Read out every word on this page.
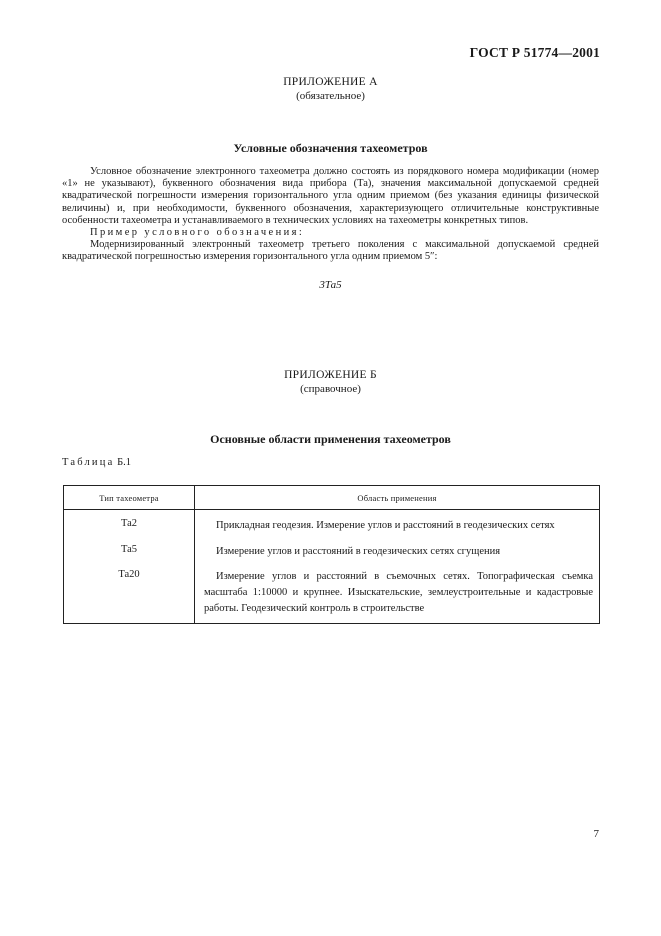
ГОСТ Р 51774—2001
ПРИЛОЖЕНИЕ А
(обязательное)
Условные обозначения тахеометров

Условное обозначение электронного тахеометра должно состоять из порядкового номера модификации (номер «1» не указывают), буквенного обозначения вида прибора (Та), значения максимальной допускаемой средней квадратической погрешности измерения горизонтального угла одним приемом (без указания единицы физической величины) и, при необходимости, буквенного обозначения, характеризующего отличительные конструктивные особенности тахеометра и устанавливаемого в технических условиях на тахеометры конкретных типов.

Пример условного обозначения:

Модернизированный электронный тахеометр третьего поколения с максимальной допускаемой средней квадратической погрешностью измерения горизонтального угла одним приемом 5″:

3Та5
ПРИЛОЖЕНИЕ Б
(справочное)
Основные области применения тахеометров
Таблица Б.1
Тип тахеометра	Область применения
Та2	Прикладная геодезия. Измерение углов и расстояний в геодезических сетях

Та5	Измерение углов и расстояний в геодезических сетях сгущения

Та20	Измерение углов и расстояний в съемочных сетях. Топографическая съемка масштаба 1:10000 и крупнее. Изыскательские, землеустроительные и кадастровые работы. Геодезический контроль в строительстве
7
